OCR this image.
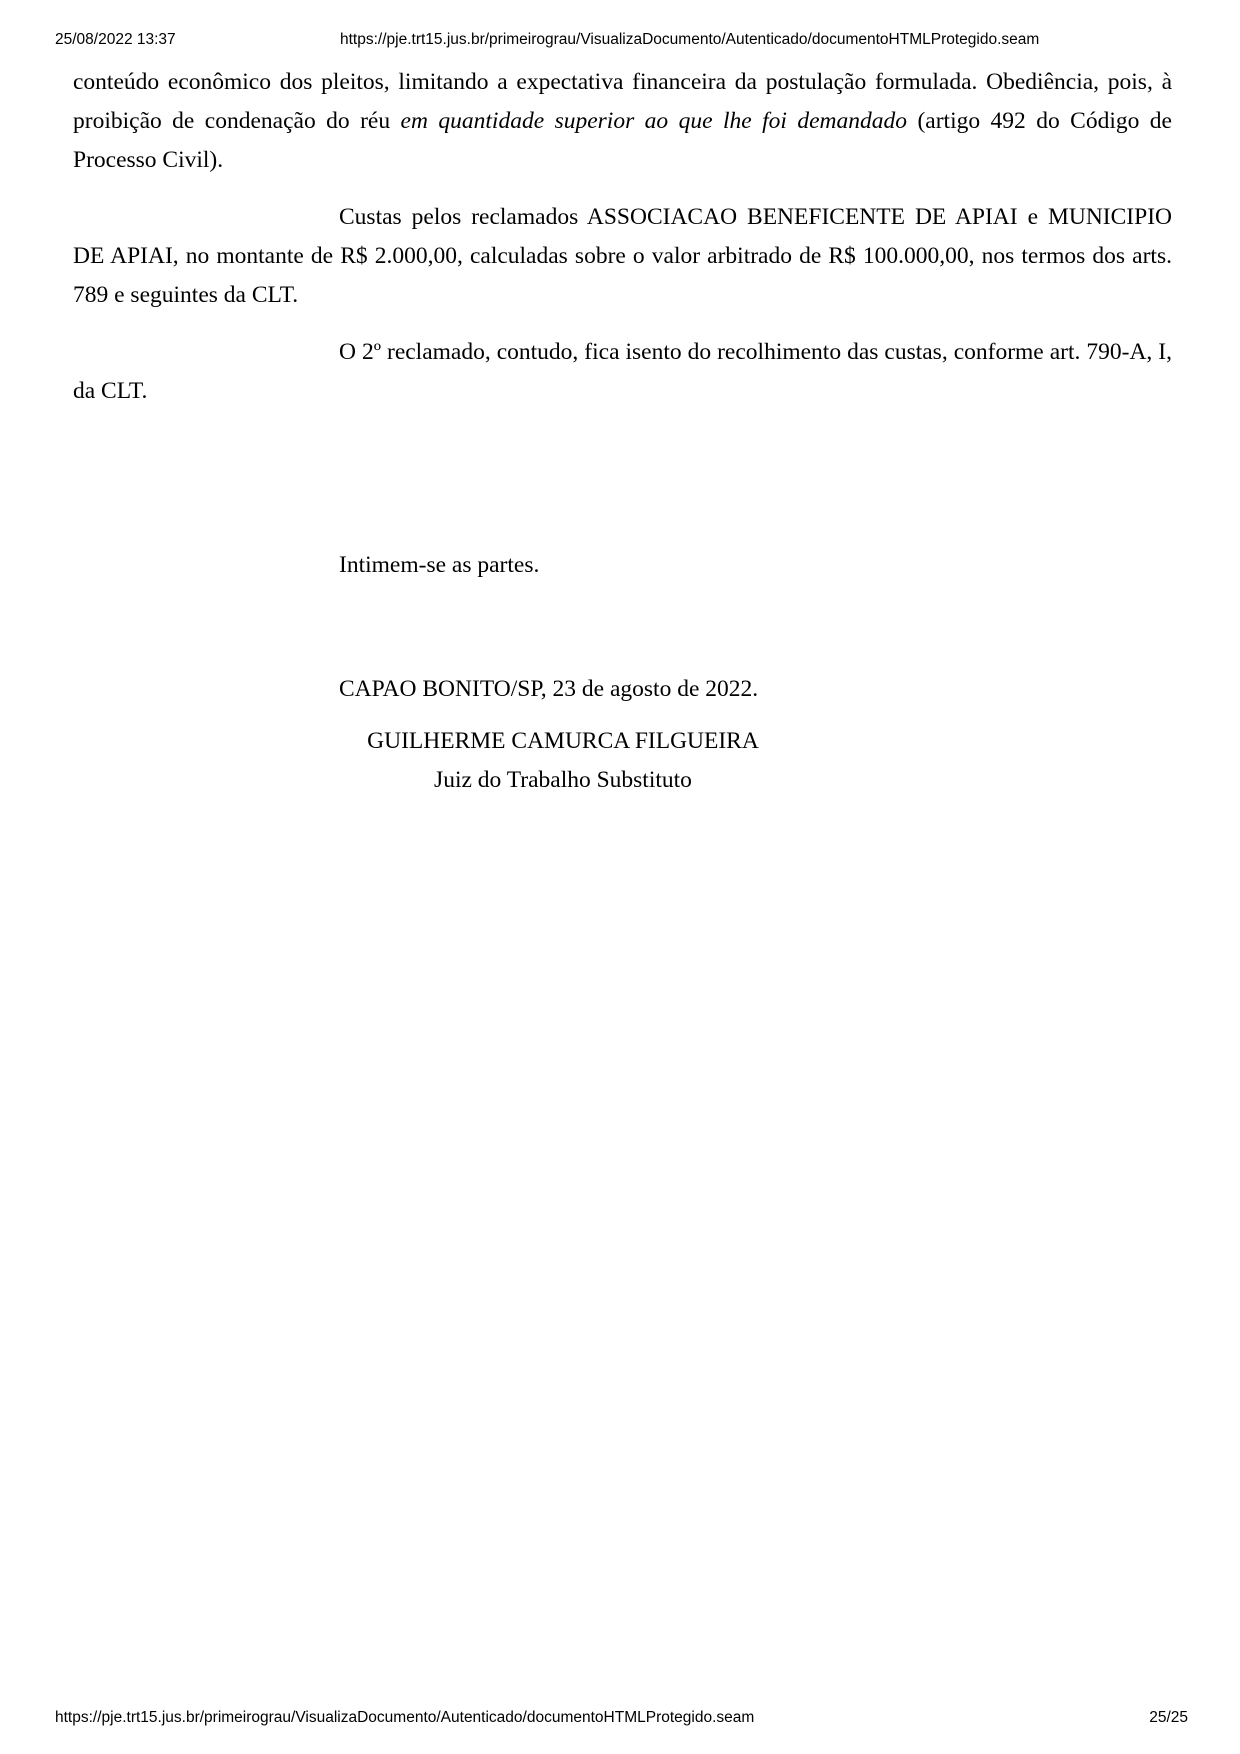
25/08/2022 13:37	https://pje.trt15.jus.br/primeirograu/VisualizaDocumento/Autenticado/documentoHTMLProtegido.seam

conteúdo econômico dos pleitos, limitando a expectativa financeira da postulação formulada. Obediência, pois, à proibição de condenação do réu em quantidade superior ao que lhe foi demandado (artigo 492 do Código de Processo Civil).

Custas pelos reclamados ASSOCIACAO BENEFICENTE DE APIAI e MUNICIPIO DE APIAI, no montante de R$ 2.000,00, calculadas sobre o valor arbitrado de R$ 100.000,00, nos termos dos arts. 789 e seguintes da CLT.

O 2º reclamado, contudo, fica isento do recolhimento das custas, conforme art. 790-A, I, da CLT.

Intimem-se as partes.

CAPAO BONITO/SP, 23 de agosto de 2022.

GUILHERME CAMURCA FILGUEIRA
Juiz do Trabalho Substituto
https://pje.trt15.jus.br/primeirograu/VisualizaDocumento/Autenticado/documentoHTMLProtegido.seam	25/25
